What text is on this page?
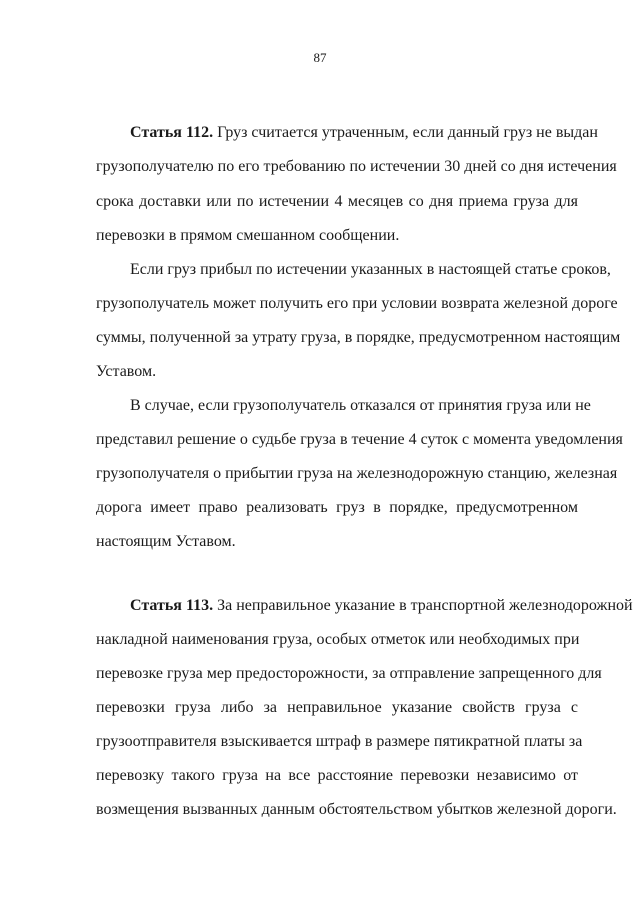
87
Статья 112. Груз считается утраченным, если данный груз не выдан
грузополучателю по его требованию по истечении 30 дней со дня истечения
срока доставки или по истечении 4 месяцев со дня приема груза для
перевозки в прямом смешанном сообщении.
Если груз прибыл по истечении указанных в настоящей статье сроков,
грузополучатель может получить его при условии возврата железной дороге
суммы, полученной за утрату груза, в порядке, предусмотренном настоящим
Уставом.
В случае, если грузополучатель отказался от принятия груза или не
представил решение о судьбе груза в течение 4 суток с момента уведомления
грузополучателя о прибытии груза на железнодорожную станцию, железная
дорога имеет право реализовать груз в порядке, предусмотренном
настоящим Уставом.
Статья 113. За неправильное указание в транспортной железнодорожной
накладной наименования груза, особых отметок или необходимых при
перевозке груза мер предосторожности, за отправление запрещенного для
перевозки груза либо за неправильное указание свойств груза с
грузоотправителя взыскивается штраф в размере пятикратной платы за
перевозку такого груза на все расстояние перевозки независимо от
возмещения вызванных данным обстоятельством убытков железной дороги.
